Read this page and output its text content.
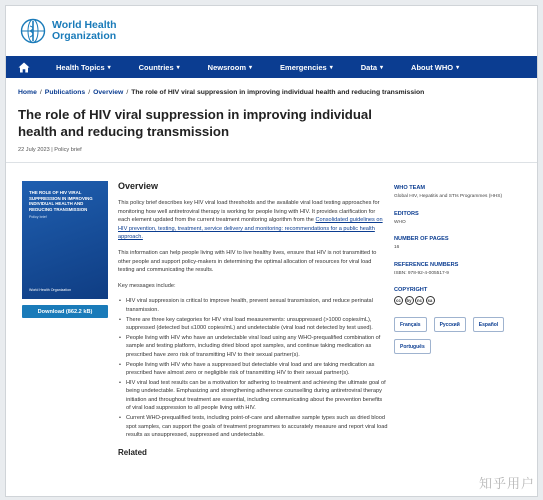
World Health
Organization
Health Topics ▾	Countries ▾	Newsroom ▾	Emergencies ▾	Data ▾	About WHO ▾
Home / Publications / Overview / The role of HIV viral suppression in improving individual health and reducing transmission
The role of HIV viral suppression in improving individual health and reducing transmission
22 July 2023 | Policy brief
THE ROLE OF HIV VIRAL SUPPRESSION IN IMPROVING INDIVIDUAL HEALTH AND REDUCING TRANSMISSION
Policy brief
World Health Organization
Download (862.2 kB)
Overview

This policy brief describes key HIV viral load thresholds and the available viral load testing approaches for monitoring how well antiretroviral therapy is working for people living with HIV. It provides clarification for each element updated from the current treatment monitoring algorithm from the Consolidated guidelines on HIV prevention, testing, treatment, service delivery and monitoring: recommendations for a public health approach.

This information can help people living with HIV to live healthy lives, ensure that HIV is not transmitted to other people and support policy-makers in determining the optimal allocation of resources for viral load testing and communicating the results.

Key messages include:

• HIV viral suppression is critical to improve health, prevent sexual transmission, and reduce perinatal transmission.
• There are three key categories for HIV viral load measurements: unsuppressed (>1000 copies/mL), suppressed (detected but ≤1000 copies/mL) and undetectable (viral load not detected by test used).
• People living with HIV who have an undetectable viral load using any WHO-prequalified combination of sample and testing platform, including dried blood spot samples, and continue taking medication as prescribed have zero risk of transmitting HIV to their sexual partner(s).
• People living with HIV who have a suppressed but detectable viral load and are taking medication as prescribed have almost zero or negligible risk of transmitting HIV to their sexual partner(s).
• HIV viral load test results can be a motivation for adhering to treatment and achieving the ultimate goal of being undetectable. Emphasizing and strengthening adherence counselling during antiretroviral therapy initiation and throughout treatment are essential, including communicating about the prevention benefits of viral load suppression to all people living with HIV.
• Current WHO-prequalified tests, including point-of-care and alternative sample types such as dried blood spot samples, can support the goals of treatment programmes to accurately measure and report viral load results as unsuppressed, suppressed and undetectable.
Related
WHO TEAM
Global HIV, Hepatitis and STIs Programmes (HHS)
EDITORS
WHO
NUMBER OF PAGES
16
REFERENCE NUMBERS
ISBN: 978-92-4-005517-9
COPYRIGHT
cc	by	nc	sa
Français	Русский	Español
Português
知乎用户
